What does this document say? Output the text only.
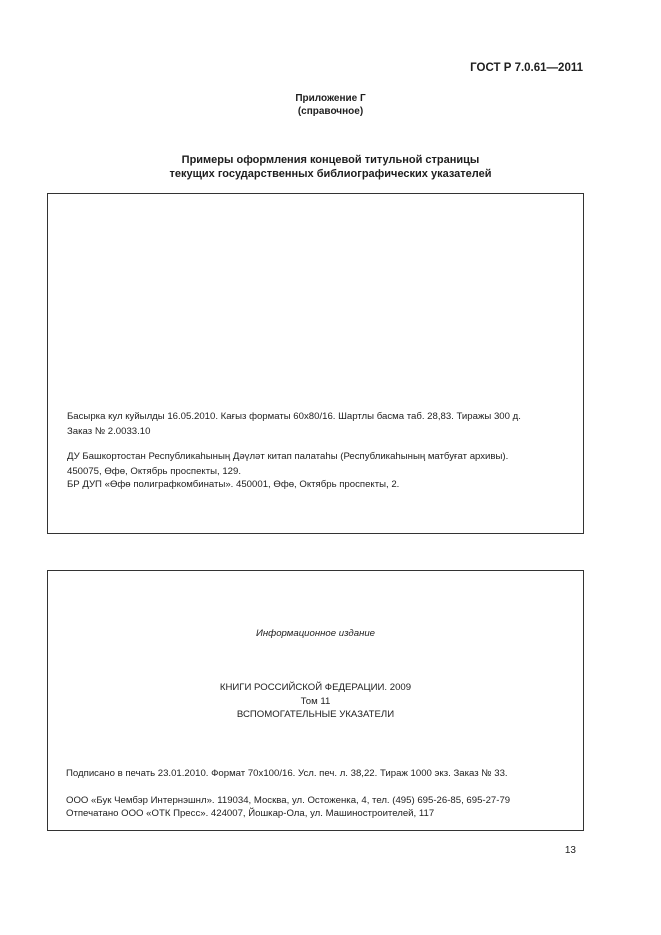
ГОСТ Р 7.0.61—2011
Приложение Г
(справочное)
Примеры оформления концевой титульной страницы
текущих государственных библиографических указателей
Басырка кул куйылды 16.05.2010. Кағыз форматы 60x80/16. Шартлы басма таб. 28,83. Тиражы 300 д.
Заказ № 2.0033.10
ДУ Башкортостан Республикаһының Дәүләт китап палатаһы (Республикаһының матбуғат архивы).
450075, Өфө, Октябрь проспекты, 129.
БР ДУП «Өфө полиграфкомбинаты». 450001, Өфө, Октябрь проспекты, 2.
Информационное издание
КНИГИ РОССИЙСКОЙ ФЕДЕРАЦИИ. 2009
Том 11
ВСПОМОГАТЕЛЬНЫЕ УКАЗАТЕЛИ
Подписано в печать 23.01.2010. Формат 70x100/16. Усл. печ. л. 38,22. Тираж 1000 экз. Заказ № 33.
ООО «Бук Чембэр Интернэшнл». 119034, Москва, ул. Остоженка, 4, тел. (495) 695-26-85, 695-27-79
Отпечатано ООО «ОТК Пресс». 424007, Йошкар-Ола, ул. Машиностроителей, 117
13
